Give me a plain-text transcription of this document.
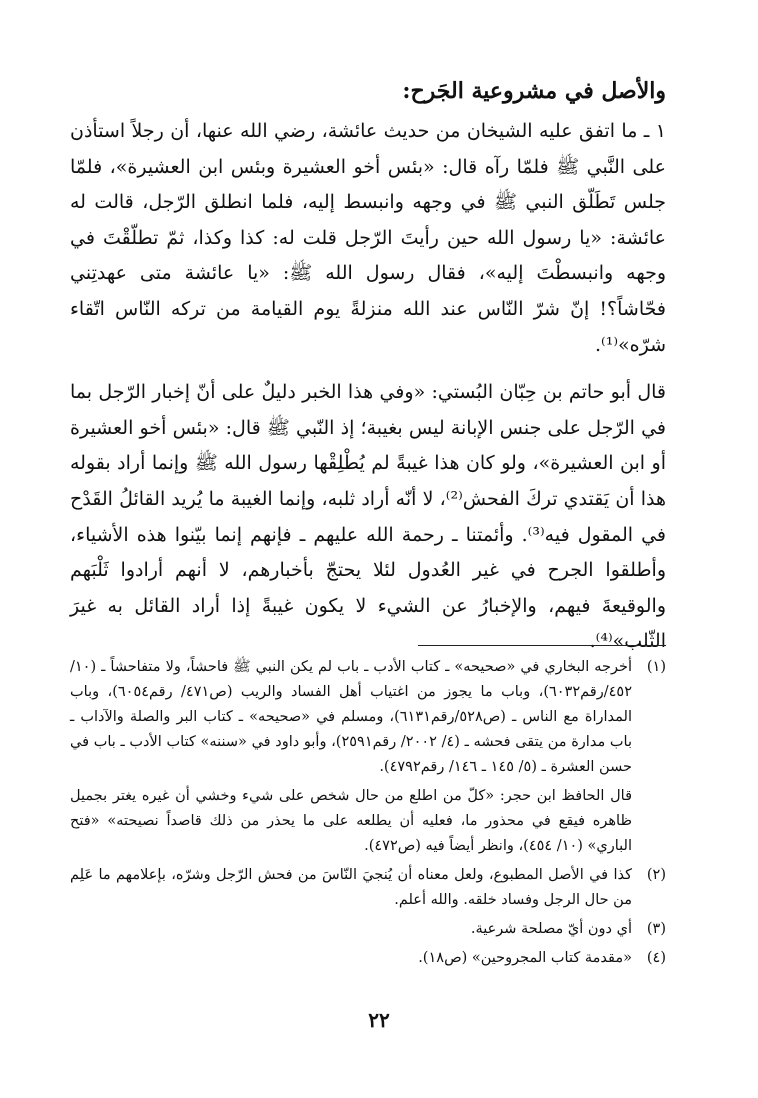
والأصل في مشروعية الجَرح:

١ ـ ما اتفق عليه الشيخان من حديث عائشة، رضي الله عنها، أن رجلاً استأذن على النَّبي ﷺ فلمّا رآه قال: «بئس أخو العشيرة وبئس ابن العشيرة»، فلمّا جلس تَطَلّق النبي ﷺ في وجهه وانبسط إليه، فلما انطلق الرّجل، قالت له عائشة: «يا رسول الله حين رأيتَ الرّجل قلت له: كذا وكذا، ثمّ تطلّقْتَ في وجهه وانبسطْتَ إليه»، فقال رسول الله ﷺ: «يا عائشة متى عهدتِني فحّاشاً؟! إنّ شرّ النّاس عند الله منزلةً يوم القيامة من تركه النّاس اتّقاء شرّه»⁽¹⁾.

قال أبو حاتم بن حِبّان البُستي: «وفي هذا الخبر دليلٌ على أنّ إخبار الرّجل بما في الرّجل على جنس الإبانة ليس بغيبة؛ إذ النّبي ﷺ قال: «بئس أخو العشيرة أو ابن العشيرة»، ولو كان هذا غيبةً لم يُطْلِقْها رسول الله ﷺ وإنما أراد بقوله هذا أن يَقتدي تركَ الفحش⁽²⁾، لا أنّه أراد ثلبه، وإنما الغيبة ما يُريد القائلُ القَدْح في المقول فيه⁽³⁾. وأئمتنا ـ رحمة الله عليهم ـ فإنهم إنما بيّنوا هذه الأشياء، وأطلقوا الجرح في غير العُدول لئلا يحتجّ بأخبارهم، لا أنهم أرادوا ثَلْبَهم والوقيعةَ فيهم، والإخبارُ عن الشيء لا يكون غيبةً إذا أراد القائل به غيرَ الثّلب»⁽⁴⁾.

(١)
أخرجه البخاري في «صحيحه» ـ كتاب الأدب ـ باب لم يكن النبي ﷺ فاحشاً، ولا متفاحشاً ـ (١٠/ ٤٥٢/رقم٦٠٣٢)، وباب ما يجوز من اغتياب أهل الفساد والريب (ص٤٧١/ رقم٦٠٥٤)، وباب المداراة مع الناس ـ (ص٥٢٨/رقم٦١٣١)، ومسلم في «صحيحه» ـ كتاب البر والصلة والآداب ـ باب مدارة من يتقى فحشه ـ (٤/ ٢٠٠٢/ رقم٢٥٩١)، وأبو داود في «سننه» كتاب الأدب ـ باب في حسن العشرة ـ (٥/ ١٤٥ ـ ١٤٦/ رقم٤٧٩٢).

قال الحافظ ابن حجر: «كلّ من اطلع من حال شخص على شيء وخشي أن غيره يغتر بجميل ظاهره فيقع في محذور ما، فعليه أن يطلعه على ما يحذر من ذلك قاصداً نصيحته» «فتح الباري» (١٠/ ٤٥٤)، وانظر أيضاً فيه (ص٤٧٢).

(٢)
كذا في الأصل المطبوع، ولعل معناه أن يُنجيَ النّاسَ من فحش الرّجل وشرّه، بإعلامهم ما عَلِم من حال الرجل وفساد خلقه. والله أعلم.
(٣)
أي دون أيّ مصلحة شرعية.
(٤)
«مقدمة كتاب المجروحين» (ص١٨).
٢٢
